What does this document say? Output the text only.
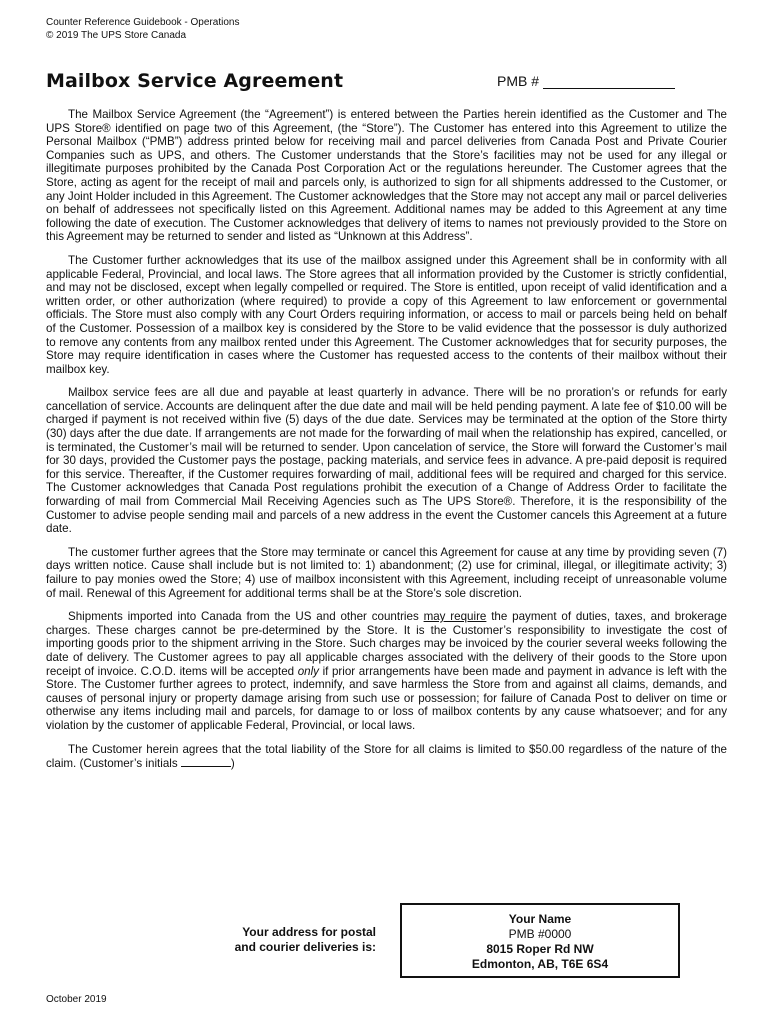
Counter Reference Guidebook - Operations
© 2019 The UPS Store Canada
Mailbox Service Agreement	PMB #

The Mailbox Service Agreement (the “Agreement”) is entered between the Parties herein identified as the Customer and The UPS Store® identified on page two of this Agreement, (the “Store”). The Customer has entered into this Agreement to utilize the Personal Mailbox (“PMB”) address printed below for receiving mail and parcel deliveries from Canada Post and Private Courier Companies such as UPS, and others. The Customer understands that the Store’s facilities may not be used for any illegal or illegitimate purposes prohibited by the Canada Post Corporation Act or the regulations hereunder. The Customer agrees that the Store, acting as agent for the receipt of mail and parcels only, is authorized to sign for all shipments addressed to the Customer, or any Joint Holder included in this Agreement. The Customer acknowledges that the Store may not accept any mail or parcel deliveries on behalf of addressees not specifically listed on this Agreement. Additional names may be added to this Agreement at any time following the date of execution. The Customer acknowledges that delivery of items to names not previously provided to the Store on this Agreement may be returned to sender and listed as “Unknown at this Address”.

The Customer further acknowledges that its use of the mailbox assigned under this Agreement shall be in conformity with all applicable Federal, Provincial, and local laws. The Store agrees that all information provided by the Customer is strictly confidential, and may not be disclosed, except when legally compelled or required. The Store is entitled, upon receipt of valid identification and a written order, or other authorization (where required) to provide a copy of this Agreement to law enforcement or governmental officials. The Store must also comply with any Court Orders requiring information, or access to mail or parcels being held on behalf of the Customer. Possession of a mailbox key is considered by the Store to be valid evidence that the possessor is duly authorized to remove any contents from any mailbox rented under this Agreement. The Customer acknowledges that for security purposes, the Store may require identification in cases where the Customer has requested access to the contents of their mailbox without their mailbox key.

Mailbox service fees are all due and payable at least quarterly in advance. There will be no proration’s or refunds for early cancellation of service. Accounts are delinquent after the due date and mail will be held pending payment. A late fee of $10.00 will be charged if payment is not received within five (5) days of the due date. Services may be terminated at the option of the Store thirty (30) days after the due date. If arrangements are not made for the forwarding of mail when the relationship has expired, cancelled, or is terminated, the Customer’s mail will be returned to sender. Upon cancelation of service, the Store will forward the Customer’s mail for 30 days, provided the Customer pays the postage, packing materials, and service fees in advance. A pre-paid deposit is required for this service. Thereafter, if the Customer requires forwarding of mail, additional fees will be required and charged for this service. The Customer acknowledges that Canada Post regulations prohibit the execution of a Change of Address Order to facilitate the forwarding of mail from Commercial Mail Receiving Agencies such as The UPS Store®. Therefore, it is the responsibility of the Customer to advise people sending mail and parcels of a new address in the event the Customer cancels this Agreement at a future date.

The customer further agrees that the Store may terminate or cancel this Agreement for cause at any time by providing seven (7) days written notice. Cause shall include but is not limited to: 1) abandonment; (2) use for criminal, illegal, or illegitimate activity; 3) failure to pay monies owed the Store; 4) use of mailbox inconsistent with this Agreement, including receipt of unreasonable volume of mail. Renewal of this Agreement for additional terms shall be at the Store’s sole discretion.

Shipments imported into Canada from the US and other countries may require the payment of duties, taxes, and brokerage charges. These charges cannot be pre-determined by the Store. It is the Customer’s responsibility to investigate the cost of importing goods prior to the shipment arriving in the Store. Such charges may be invoiced by the courier several weeks following the date of delivery. The Customer agrees to pay all applicable charges associated with the delivery of their goods to the Store upon receipt of invoice. C.O.D. items will be accepted only if prior arrangements have been made and payment in advance is left with the Store. The Customer further agrees to protect, indemnify, and save harmless the Store from and against all claims, demands, and causes of personal injury or property damage arising from such use or possession; for failure of Canada Post to deliver on time or otherwise any items including mail and parcels, for damage to or loss of mailbox contents by any cause whatsoever; and for any violation by the customer of applicable Federal, Provincial, or local laws.

The Customer herein agrees that the total liability of the Store for all claims is limited to $50.00 regardless of the nature of the claim. (Customer’s initials	)

Your address for postal
and courier deliveries is:
Your Name
PMB #0000
8015 Roper Rd NW
Edmonton, AB, T6E 6S4
October 2019
